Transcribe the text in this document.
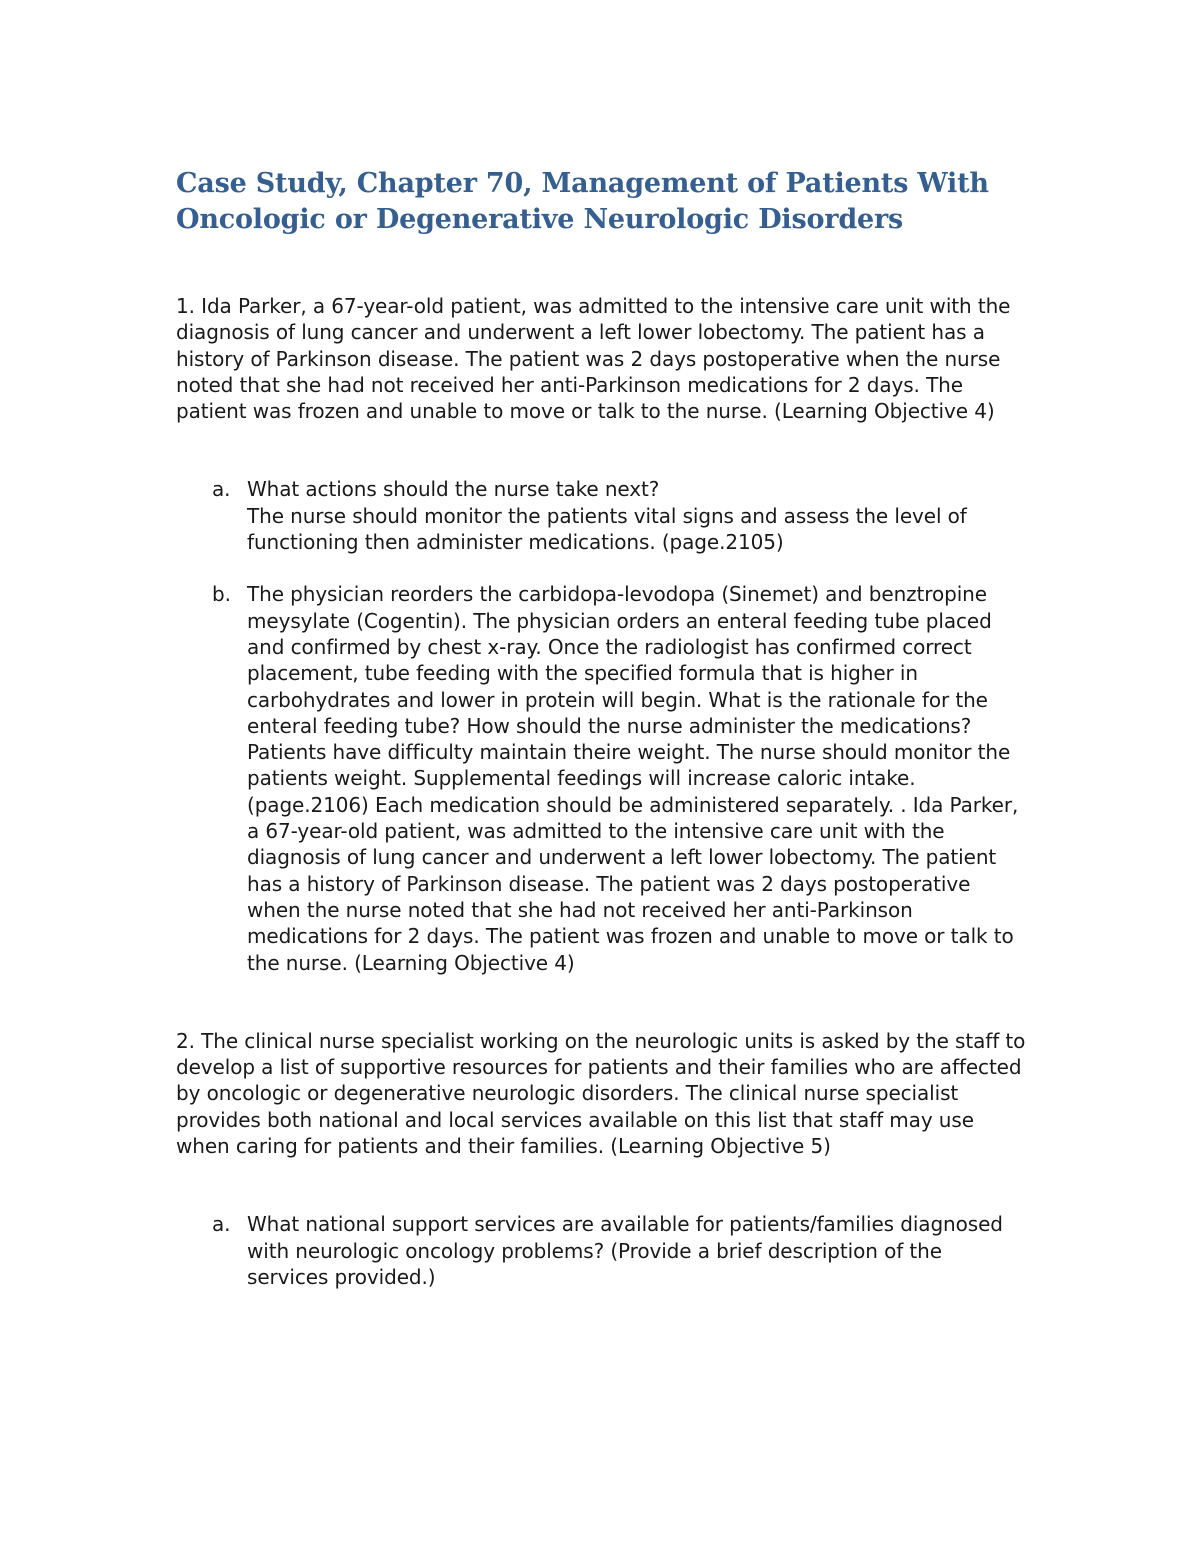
Case Study, Chapter 70, Management of Patients With Oncologic or Degenerative Neurologic Disorders

1. Ida Parker, a 67-year-old patient, was admitted to the intensive care unit with the diagnosis of lung cancer and underwent a left lower lobectomy. The patient has a history of Parkinson disease. The patient was 2 days postoperative when the nurse noted that she had not received her anti-Parkinson medications for 2 days. The patient was frozen and unable to move or talk to the nurse. (Learning Objective 4)

a. What actions should the nurse take next?
The nurse should monitor the patients vital signs and assess the level of functioning then administer medications. (page.2105)
b. The physician reorders the carbidopa-levodopa (Sinemet) and benztropine meysylate (Cogentin). The physician orders an enteral feeding tube placed and confirmed by chest x-ray. Once the radiologist has confirmed correct placement, tube feeding with the specified formula that is higher in carbohydrates and lower in protein will begin. What is the rationale for the enteral feeding tube? How should the nurse administer the medications?
Patients have difficulty maintain theire weight. The nurse should monitor the patients weight. Supplemental feedings will increase caloric intake. (page.2106) Each medication should be administered separately. . Ida Parker, a 67-year-old patient, was admitted to the intensive care unit with the diagnosis of lung cancer and underwent a left lower lobectomy. The patient has a history of Parkinson disease. The patient was 2 days postoperative when the nurse noted that she had not received her anti-Parkinson medications for 2 days. The patient was frozen and unable to move or talk to the nurse. (Learning Objective 4)

2. The clinical nurse specialist working on the neurologic units is asked by the staff to develop a list of supportive resources for patients and their families who are affected by oncologic or degenerative neurologic disorders. The clinical nurse specialist provides both national and local services available on this list that staff may use when caring for patients and their families. (Learning Objective 5)

a. What national support services are available for patients/families diagnosed with neurologic oncology problems? (Provide a brief description of the services provided.)
